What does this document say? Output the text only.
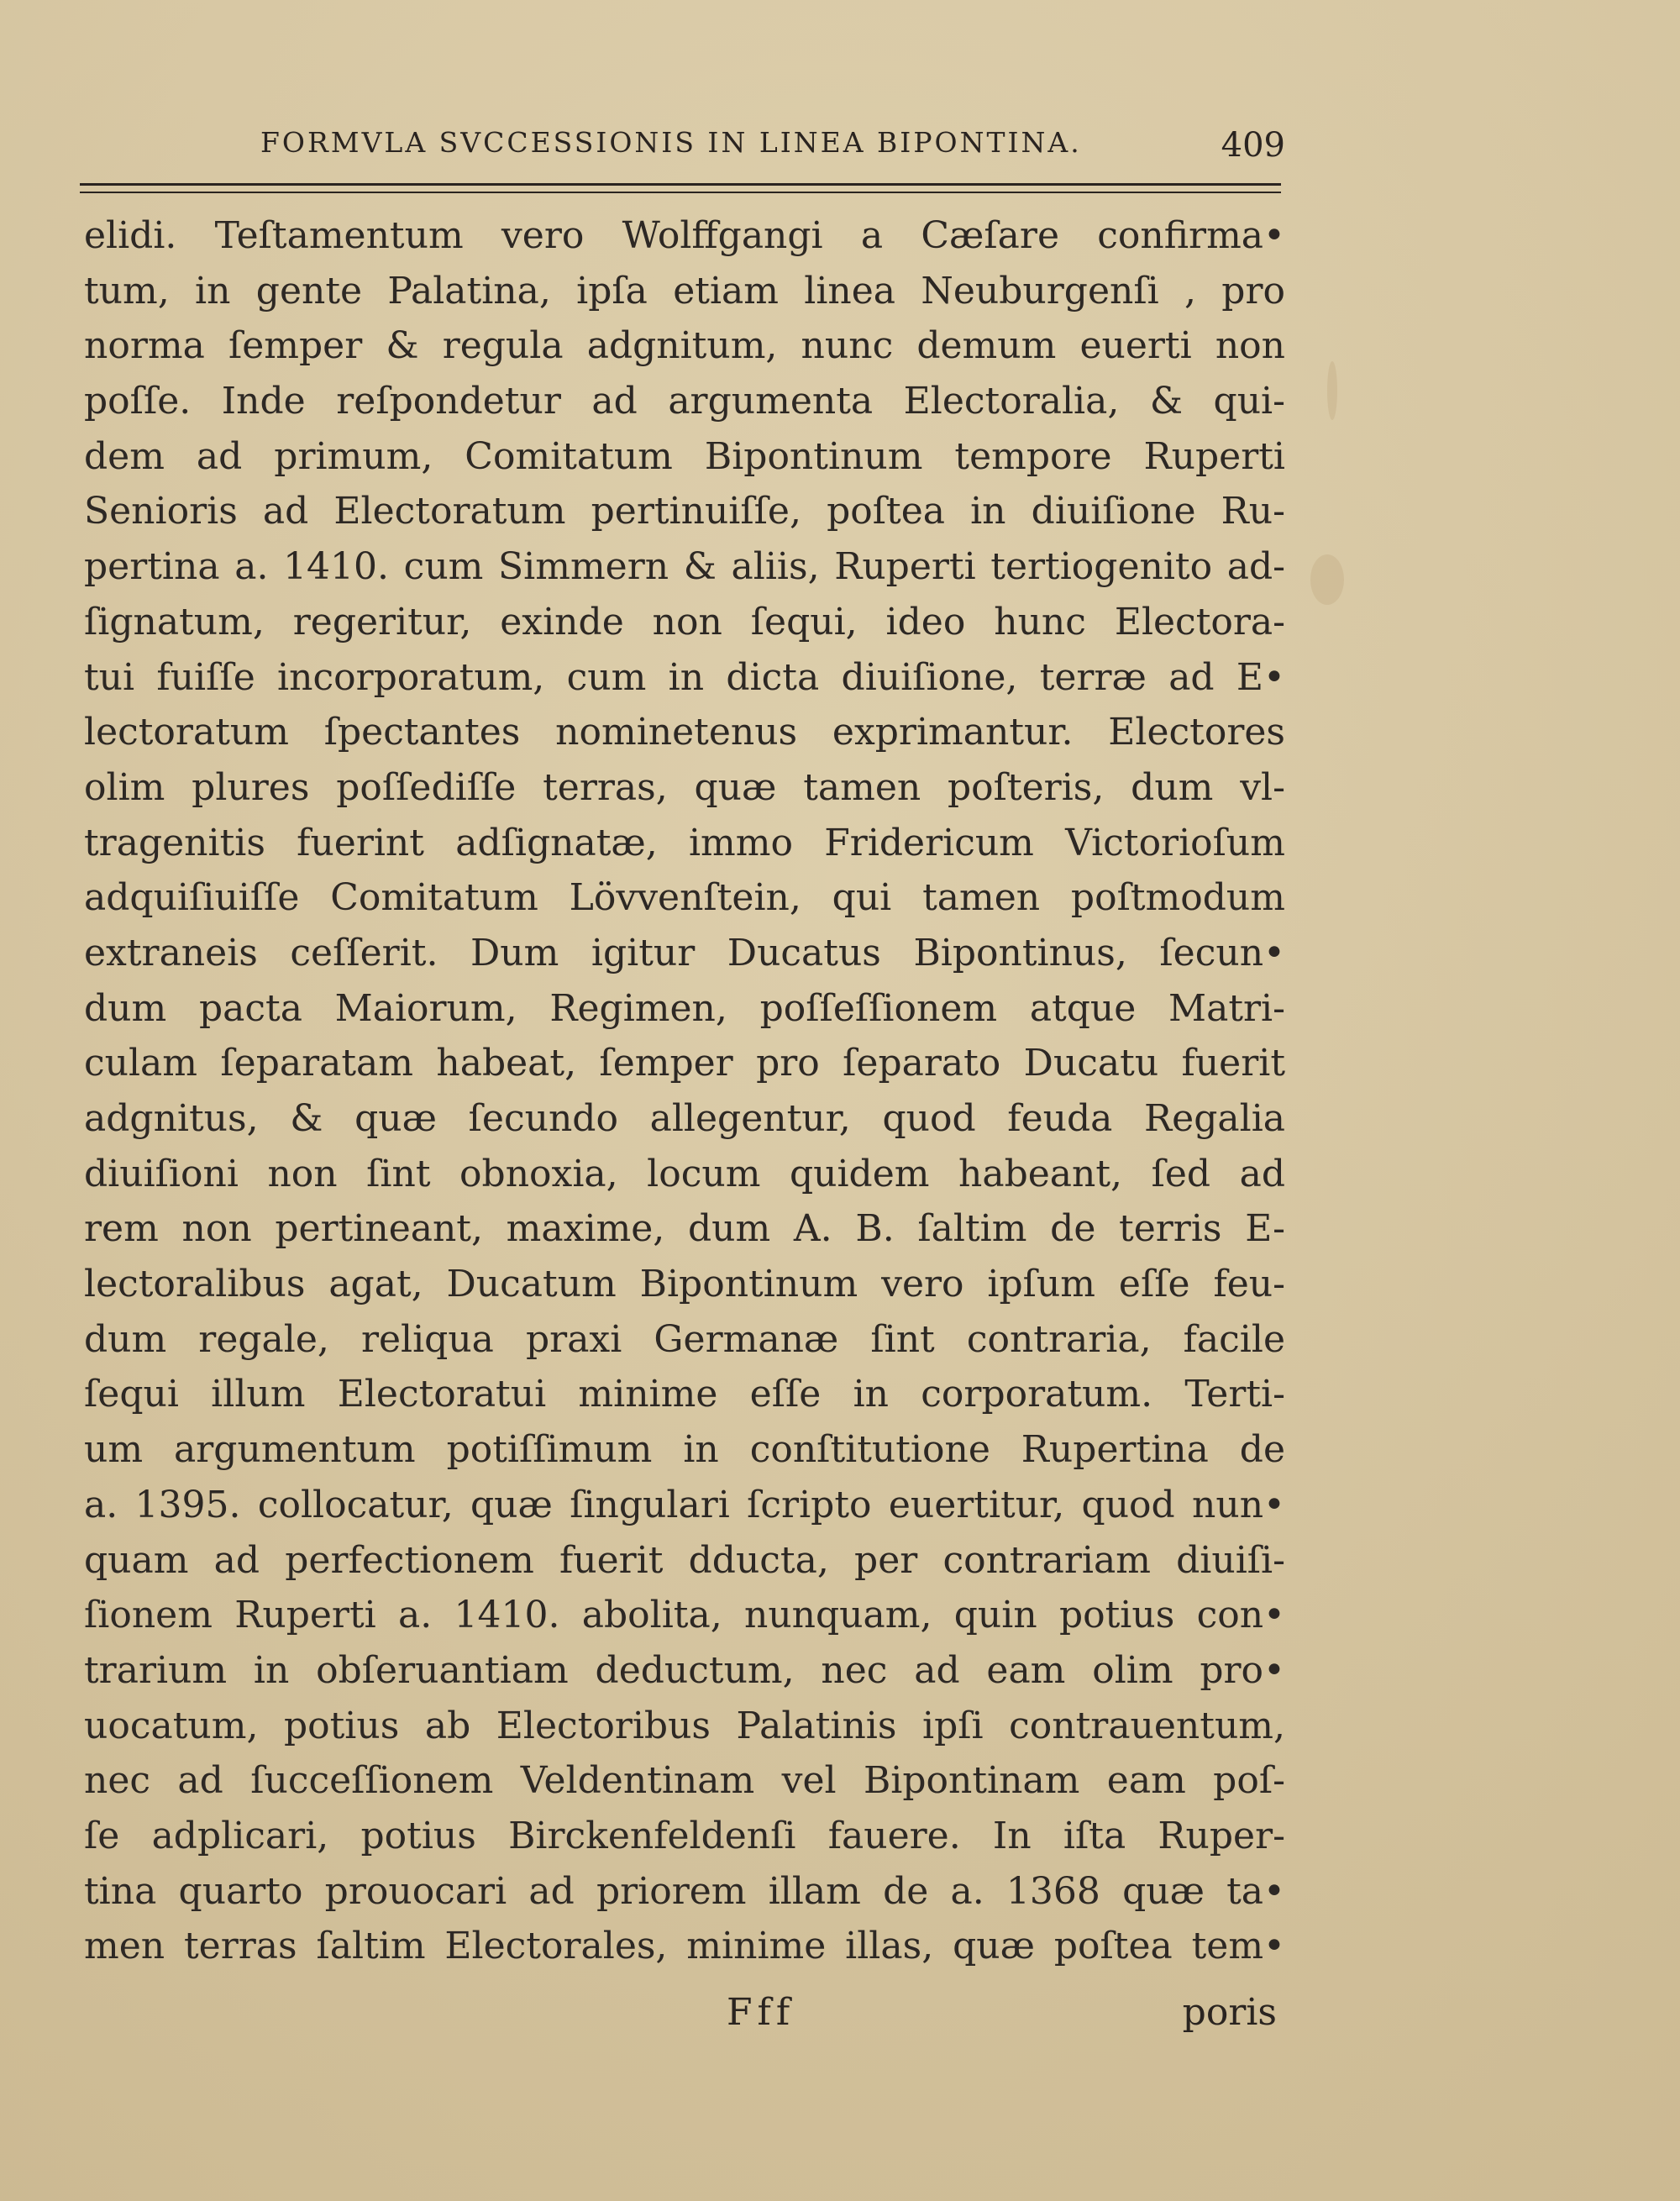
FORMVLA SVCCESSIONIS IN LINEA BIPONTINA.	409
elidi. Teſtamentum vero Wolffgangi a Cæſare confirma•
tum, in gente Palatina, ipſa etiam linea Neuburgenſi , pro
norma ſemper & regula adgnitum, nunc demum euerti non
poſſe. Inde reſpondetur ad argumenta Electoralia, & qui-
dem ad primum, Comitatum Bipontinum tempore Ruperti
Senioris ad Electoratum pertinuiſſe, poſtea in diuiſione Ru-
pertina a. 1410. cum Simmern & aliis, Ruperti tertiogenito ad-
ſignatum, regeritur, exinde non ſequi, ideo hunc Electora-
tui fuiſſe incorporatum, cum in dicta diuiſione, terræ ad E•
lectoratum ſpectantes nominetenus exprimantur. Electores
olim plures poſſediſſe terras, quæ tamen poſteris, dum vl-
tragenitis fuerint adſignatæ, immo Fridericum Victorioſum
adquiſiuiſſe Comitatum Lövvenſtein, qui tamen poſtmodum
extraneis ceſſerit. Dum igitur Ducatus Bipontinus, ſecun•
dum pacta Maiorum, Regimen, poſſeſſionem atque Matri-
culam ſeparatam habeat, ſemper pro ſeparato Ducatu fuerit
adgnitus, & quæ ſecundo allegentur, quod feuda Regalia
diuiſioni non ſint obnoxia, locum quidem habeant, ſed ad
rem non pertineant, maxime, dum A. B. ſaltim de terris E-
lectoralibus agat, Ducatum Bipontinum vero ipſum eſſe feu-
dum regale, reliqua praxi Germanæ ſint contraria, facile
ſequi illum Electoratui minime eſſe in corporatum. Terti-
um argumentum potiſſimum in conſtitutione Rupertina de
a. 1395. collocatur, quæ ſingulari ſcripto euertitur, quod nun•
quam ad perfectionem fuerit dducta, per contrariam diuiſi-
ſionem Ruperti a. 1410. abolita, nunquam, quin potius con•
trarium in obſeruantiam deductum, nec ad eam olim pro•
uocatum, potius ab Electoribus Palatinis ipſi contrauentum,
nec ad ſucceſſionem Veldentinam vel Bipontinam eam poſ-
ſe adplicari, potius Birckenfeldenſi fauere. In iſta Ruper-
tina quarto prouocari ad priorem illam de a. 1368 quæ ta•
men terras ſaltim Electorales, minime illas, quæ poſtea tem•
Fff	poris
